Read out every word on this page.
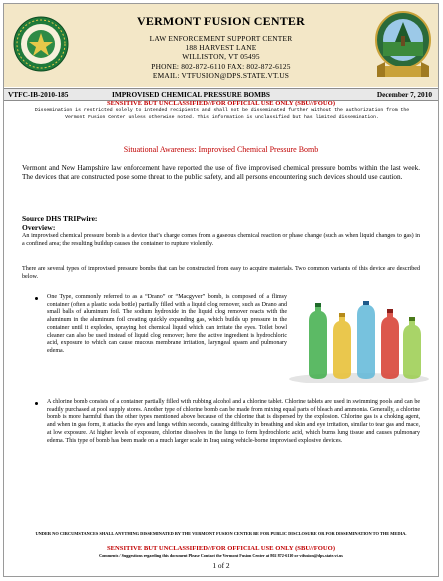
VERMONT FUSION CENTER
LAW ENFORCEMENT SUPPORT CENTER
188 HARVEST LANE
WILLISTON, VT 05495
PHONE: 802-872-6110 FAX: 802-872-6125
EMAIL: VTFUSION@DPS.STATE.VT.US
VTFC-IB-2010-185	IMPROVISED CHEMICAL PRESSURE BOMBS	December 7, 2010
SENSITIVE BUT UNCLASSIFIED//FOR OFFICIAL USE ONLY (SBU//FOUO)
Dissemination is restricted solely to intended recipients and shall not be disseminated further without the authorization from the Vermont Fusion Center unless otherwise noted. This information is unclassified but has limited dissemination.
Situational Awareness: Improvised Chemical Pressure Bomb
Vermont and New Hampshire law enforcement have reported the use of five improvised chemical pressure bombs within the last week. The devices that are constructed pose some threat to the public safety, and all persons encountering such devices should use caution.
Source DHS TRIPwire:
Overview:
An improvised chemical pressure bomb is a device that’s charge comes from a gaseous chemical reaction or phase change (such as when liquid changes to gas) in a confined area; the resulting buildup causes the container to rupture violently.
There are several types of improvised pressure bombs that can be constructed from easy to acquire materials. Two common variants of this device are described below.
One Type, commonly referred to as a “Drano” or “Macgyver” bomb, is composed of a flimsy container (often a plastic soda bottle) partially filled with a liquid clog remover, such as Drano and small balls of aluminum foil. The sodium hydroxide in the liquid clog remover reacts with the aluminum in the aluminum foil creating quickly expanding gas, which builds up pressure in the container until it explodes, spraying hot chemical liquid which can irritate the eyes. Toilet bowl cleaner can also be used instead of liquid clog remover; here the active ingredient is hydrochloric acid, exposure to which can cause mucous membrane irritation, laryngeal spasm and pulmonary edema.
A chlorine bomb consists of a container partially filled with rubbing alcohol and a chlorine tablet. Chlorine tablets are used in swimming pools and can be readily purchased at pool supply stores. Another type of chlorine bomb can be made from mixing equal parts of bleach and ammonia. Generally, a chlorine bomb is more harmful than the other types mentioned above because of the chlorine that is dispersed by the explosion. Chlorine gas is a choking agent, and when in gas form, it attacks the eyes and lungs within seconds, causing difficulty in breathing and skin and eye irritation, similar to tear gas and mace, at low exposure. At higher levels of exposure, chlorine dissolves in the lungs to form hydrochloric acid, which burns lung tissue and causes pulmonary edema. This type of bomb has been made on a much larger scale in Iraq using vehicle-borne improvised explosive devices.
UNDER NO CIRCUMSTANCES SHALL ANYTHING DISSEMINATED BY THE VERMONT FUSION CENTER BE FOR PUBLIC DISCLOSURE OR FOR DISSEMINATION TO THE MEDIA.
SENSITIVE BUT UNCLASSIFIED//FOR OFFICIAL USE ONLY (SBU//FOUO)
Comments / Suggestions regarding this document Please Contact the Vermont Fusion Center at 802 872-6110 or vtfusion@dps.state.vt.us
1 of 2
